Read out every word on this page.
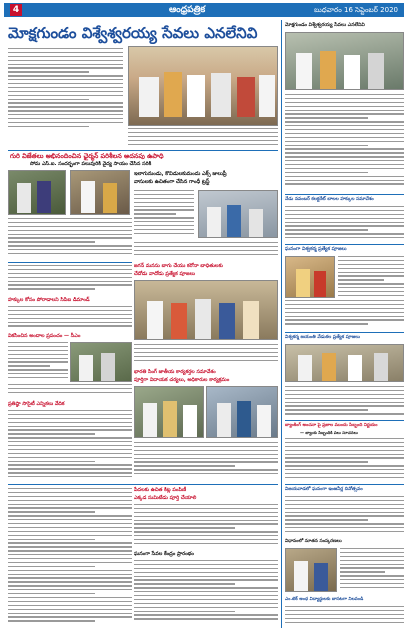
4	ఆంధ్రపత్రిక	బుధవారం 16 సెప్టెంబర్ 2020
మోక్షగుండం విశ్వేశ్వరయ్య సేవలు ఎనలేనివి
గురి విజేతలు అభినందించిన ఛైర్మన్ పరిశీలన అదనపు ఉపాధి
సోమ ఎస్.ఐ. సందర్భంగా పలువురికి వైద్య సాయం చేసిన సరికి
ఇలాగునుండు, కొవిడులకుమందు ఎక్స్ జులుప్రీ
వాసులకు ఉచితంగా చేసిన గాంధీ ట్రస్ట్
హక్కుల కోసం పోరాడాలని సిపిఐ డిమాండ్
వికసించిన అందాల ప్రపంచం — సీఎం
జగన్ మనసు బాగు చేయు కరోనా బాధితులకు
చేదోడు వాదోడు ప్రత్యేక పూజలు
భారతి సింగ్ జాతీయ కార్యకర్తల సమావేశం
పూర్తిగా విదాయక చర్యలు, అధికారుల కార్యక్రమం
ప్రతిష్ఠా సొసైటీ ఎన్నికలు వేదిక
పేదలకు ఉచిత కిట్ల పంపిణీ
ఎక్కడ సుమిటేడు పూర్తి చేయాలి
ఘనంగా సేవల కేంద్రం ప్రారంభం
మోక్షగుండం విశ్వేశ్వరయ్య సేవలు ఎనలేనివి
నేడు నవంబర్ కలక్టరేట్ బాలల హక్కుల సమావేశం
ఘనంగా విశ్వకర్మ ప్రత్యేక పూజలు
విశ్వకర్మ జయంతి వేడుకల ప్రత్యేక పూజలు
బ్యాంకింగ్ అంచనా పై ప్రజాల ముందు సిబ్బంది నిర్ణయం
— బ్యాంకు సిబ్బందికి పలు సూచనలు
విజయవాడలో ఘనంగా ఇంజనీర్ల దినోత్సవం
విధానంలో నూతన సంస్కరణలు
ఎం.టెక్ అంధ విద్యార్థులకు బాసటగా నిలవండి
